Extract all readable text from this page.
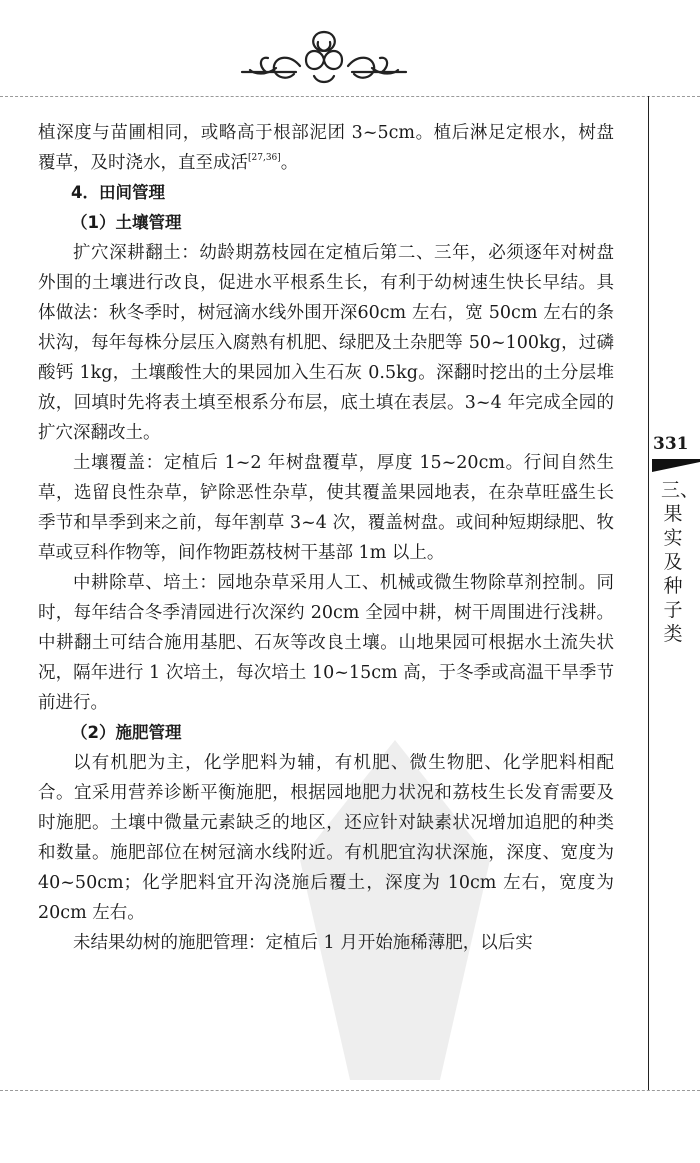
331
三、果实及种子类

植深度与苗圃相同，或略高于根部泥团 3~5cm。植后淋足定根水，树盘覆草，及时浇水，直至成活[27,36]。

4．田间管理

（1）土壤管理

扩穴深耕翻土：幼龄期荔枝园在定植后第二、三年，必须逐年对树盘外围的土壤进行改良，促进水平根系生长，有利于幼树速生快长早结。具体做法：秋冬季时，树冠滴水线外围开深60cm 左右，宽 50cm 左右的条状沟，每年每株分层压入腐熟有机肥、绿肥及土杂肥等 50~100kg，过磷酸钙 1kg，土壤酸性大的果园加入生石灰 0.5kg。深翻时挖出的土分层堆放，回填时先将表土填至根系分布层，底土填在表层。3~4 年完成全园的扩穴深翻改土。

土壤覆盖：定植后 1~2 年树盘覆草，厚度 15~20cm。行间自然生草，选留良性杂草，铲除恶性杂草，使其覆盖果园地表，在杂草旺盛生长季节和旱季到来之前，每年割草 3~4 次，覆盖树盘。或间种短期绿肥、牧草或豆科作物等，间作物距荔枝树干基部 1m 以上。

中耕除草、培土：园地杂草采用人工、机械或微生物除草剂控制。同时，每年结合冬季清园进行次深约 20cm 全园中耕，树干周围进行浅耕。中耕翻土可结合施用基肥、石灰等改良土壤。山地果园可根据水土流失状况，隔年进行 1 次培土，每次培土 10~15cm 高，于冬季或高温干旱季节前进行。

（2）施肥管理

以有机肥为主，化学肥料为辅，有机肥、微生物肥、化学肥料相配合。宜采用营养诊断平衡施肥，根据园地肥力状况和荔枝生长发育需要及时施肥。土壤中微量元素缺乏的地区，还应针对缺素状况增加追肥的种类和数量。施肥部位在树冠滴水线附近。有机肥宜沟状深施，深度、宽度为 40~50cm；化学肥料宜开沟浇施后覆土，深度为 10cm 左右，宽度为 20cm 左右。

未结果幼树的施肥管理：定植后 1 月开始施稀薄肥，以后实
